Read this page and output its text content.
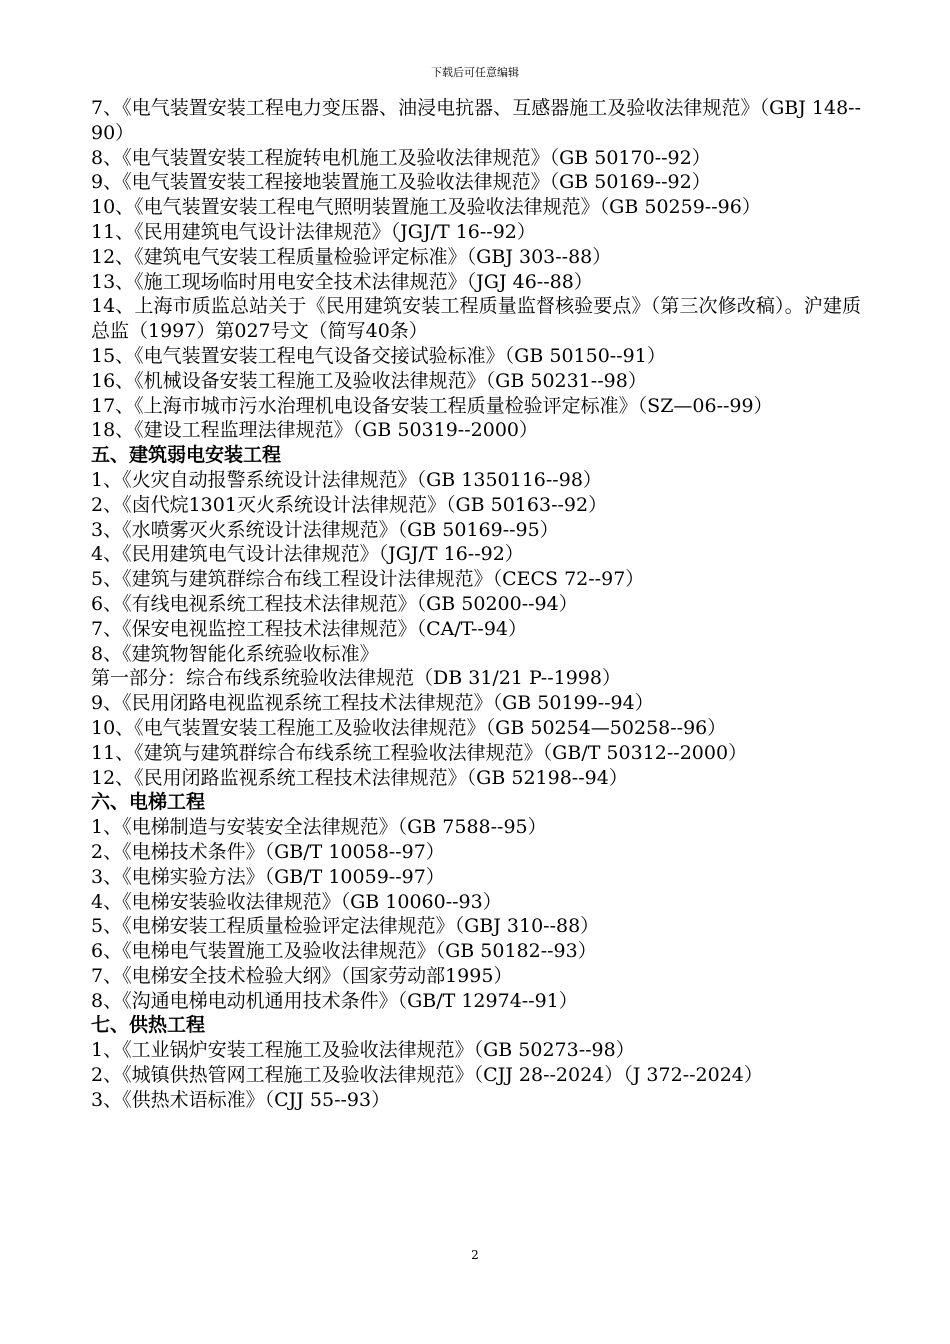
下载后可任意编辑

7、《电气装置安装工程电力变压器、油浸电抗器、互感器施工及验收法律规范》（GBJ 148--90）

8、《电气装置安装工程旋转电机施工及验收法律规范》（GB 50170--92）

9、《电气装置安装工程接地装置施工及验收法律规范》（GB 50169--92）

10、《电气装置安装工程电气照明装置施工及验收法律规范》（GB 50259--96）

11、《民用建筑电气设计法律规范》（JGJ/T 16--92）

12、《建筑电气安装工程质量检验评定标准》（GBJ 303--88）

13、《施工现场临时用电安全技术法律规范》（JGJ 46--88）

14、上海市质监总站关于《民用建筑安装工程质量监督核验要点》（第三次修改稿）。沪建质总监（1997）第027号文（简写40条）

15、《电气装置安装工程电气设备交接试验标准》（GB 50150--91）

16、《机械设备安装工程施工及验收法律规范》（GB 50231--98）

17、《上海市城市污水治理机电设备安装工程质量检验评定标准》（SZ—06--99）

18、《建设工程监理法律规范》（GB 50319--2000）

五、建筑弱电安装工程

1、《火灾自动报警系统设计法律规范》（GB 1350116--98）

2、《卤代烷1301灭火系统设计法律规范》（GB 50163--92）

3、《水喷雾灭火系统设计法律规范》（GB 50169--95）

4、《民用建筑电气设计法律规范》（JGJ/T 16--92）

5、《建筑与建筑群综合布线工程设计法律规范》（CECS 72--97）

6、《有线电视系统工程技术法律规范》（GB 50200--94）

7、《保安电视监控工程技术法律规范》（CA/T--94）

8、《建筑物智能化系统验收标准》

第一部分：综合布线系统验收法律规范（DB 31/21 P--1998）

9、《民用闭路电视监视系统工程技术法律规范》（GB 50199--94）

10、《电气装置安装工程施工及验收法律规范》（GB 50254—50258--96）

11、《建筑与建筑群综合布线系统工程验收法律规范》（GB/T 50312--2000）

12、《民用闭路监视系统工程技术法律规范》（GB 52198--94）

六、电梯工程

1、《电梯制造与安装安全法律规范》（GB 7588--95）

2、《电梯技术条件》（GB/T 10058--97）

3、《电梯实验方法》（GB/T 10059--97）

4、《电梯安装验收法律规范》（GB 10060--93）

5、《电梯安装工程质量检验评定法律规范》（GBJ 310--88）

6、《电梯电气装置施工及验收法律规范》（GB 50182--93）

7、《电梯安全技术检验大纲》（国家劳动部1995）

8、《沟通电梯电动机通用技术条件》（GB/T 12974--91）

七、供热工程

1、《工业锅炉安装工程施工及验收法律规范》（GB 50273--98）

2、《城镇供热管网工程施工及验收法律规范》（CJJ 28--2024）（J 372--2024）

3、《供热术语标准》（CJJ 55--93）

2
